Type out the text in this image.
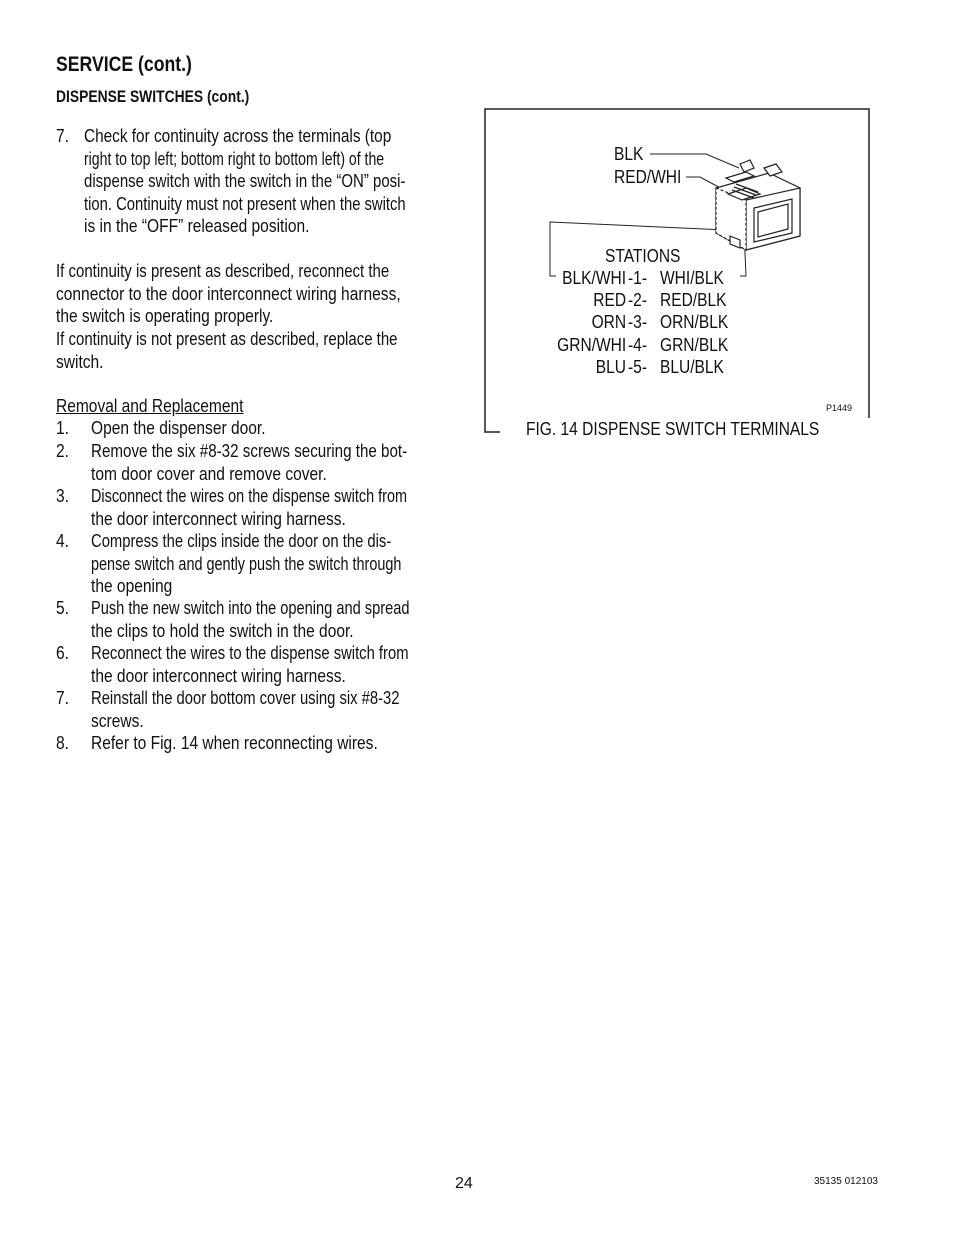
SERVICE (cont.)
DISPENSE SWITCHES (cont.)
7. Check for continuity across the terminals (top
right to top left; bottom right to bottom left) of the
dispense switch with the switch in the “ON” posi-
tion. Continuity must not present when the switch
is in the “OFF” released position.
If continuity is present as described, reconnect the
connector to the door interconnect wiring harness,
the switch is operating properly.
If continuity is not present as described, replace the
switch.
Removal and Replacement
1. Open the dispenser door.
2. Remove the six #8-32 screws securing the bot-
tom door cover and remove cover.
3. Disconnect the wires on the dispense switch from
the door interconnect wiring harness.
4. Compress the clips inside the door on the dis-
pense switch and gently push the switch through
the opening
5. Push the new switch into the opening and spread
the clips to hold the switch in the door.
6. Reconnect the wires to the dispense switch from
the door interconnect wiring harness.
7. Reinstall the door bottom cover using six #8-32
screws.
8. Refer to Fig. 14 when reconnecting wires.
BLK
RED/WHI
STATIONS
BLK/WHI -1- WHI/BLK
RED -2- RED/BLK
ORN -3- ORN/BLK
GRN/WHI -4- GRN/BLK
BLU -5- BLU/BLK
P1449
FIG. 14 DISPENSE SWITCH TERMINALS
24	35135 012103
